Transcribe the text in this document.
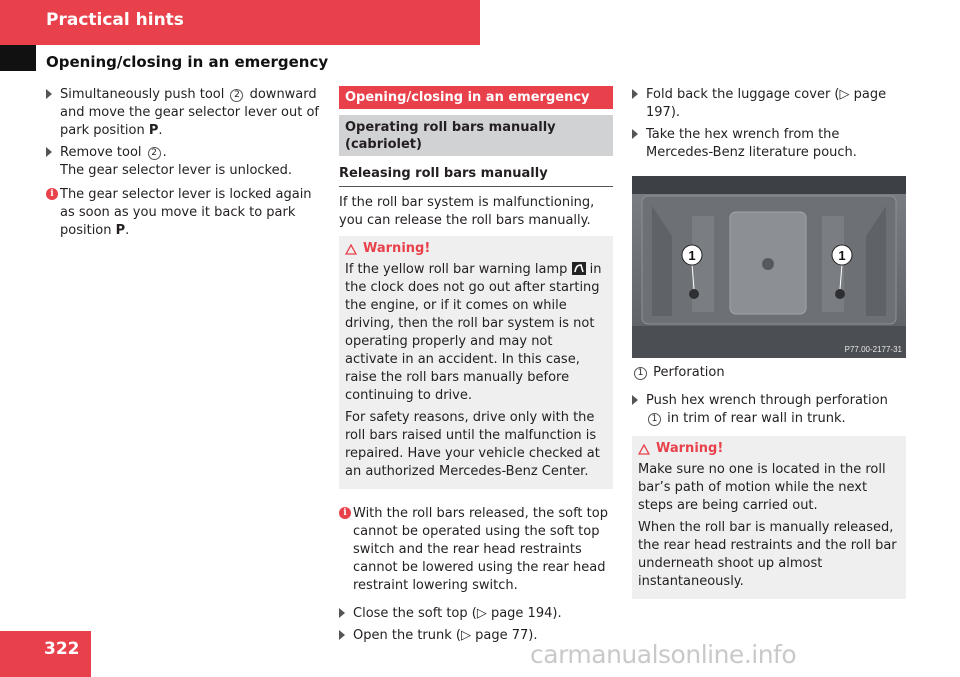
Practical hints
Opening/closing in an emergency
Simultaneously push tool 2 downward and move the gear selector lever out of park position P.
Remove tool 2 .
The gear selector lever is unlocked.
i The gear selector lever is locked again as soon as you move it back to park position P.
Opening/closing in an emergency
Operating roll bars manually (cabriolet)
Releasing roll bars manually
If the roll bar system is malfunctioning, you can release the roll bars manually.
Warning!

If the yellow roll bar warning lamp  in the clock does not go out after starting the engine, or if it comes on while driving, then the roll bar system is not operating properly and may not activate in an accident. In this case, raise the roll bars manually before continuing to drive.

For safety reasons, drive only with the roll bars raised until the malfunction is repaired. Have your vehicle checked at an authorized Mercedes-Benz Center.

i With the roll bars released, the soft top cannot be operated using the soft top switch and the rear head restraints cannot be lowered using the rear head restraint lowering switch.
Close the soft top (▷ page 194).
Open the trunk (▷ page 77).
Fold back the luggage cover (▷ page 197).
Take the hex wrench from the Mercedes-Benz literature pouch.
1	1
P77.00-2177-31
1 Perforation
Push hex wrench through perforation 1 in trim of rear wall in trunk.
Warning!

Make sure no one is located in the roll bar’s path of motion while the next steps are being carried out.

When the roll bar is manually released, the rear head restraints and the roll bar underneath shoot up almost instantaneously.

322	carmanualsonline.info
